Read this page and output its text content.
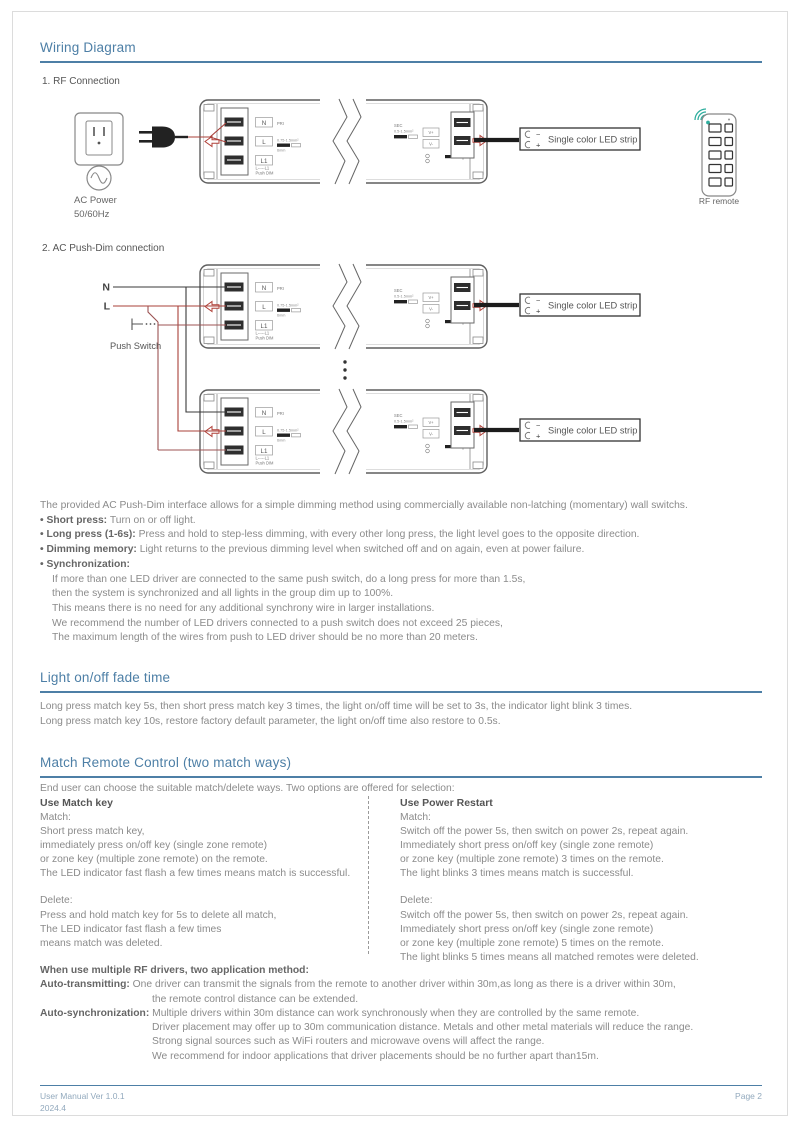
Wiring Diagram
1. RF Connection
2. AC Push-Dim connection
N
L
L1
PRI
0.75-1.5mm²
6mm
L-----L1
Push DIM
SEC
0.5-1.5mm²	V+
V-
N
L
L1
PRI
0.75-1.5mm²
6mm
L-----L1
Push DIM
SEC
0.5-1.5mm²	V+
V-
N
L
L1
PRI
0.75-1.5mm²
6mm
L-----L1
Push DIM
SEC
0.5-1.5mm²	V+
V-
AC Power
50/60Hz
−
+
Single color LED strip
RF remote
N
L
Push Switch
−
+
Single color LED strip
−
+
Single color LED strip
The provided AC Push-Dim interface allows for a simple dimming method using commercially available non-latching (momentary) wall switchs.
• Short press: Turn on or off light.
• Long press (1-6s): Press and hold to step-less dimming, with every other long press, the light level goes to the opposite direction.
• Dimming memory: Light returns to the previous dimming level when switched off and on again, even at power failure.
• Synchronization:
If more than one LED driver are connected to the same push switch, do a long press for more than 1.5s,
then the system is synchronized and all lights in the group dim up to 100%.
This means there is no need for any additional synchrony wire in larger installations.
We recommend the number of LED drivers connected to a push switch does not exceed 25 pieces,
The maximum length of the wires from push to LED driver should be no more than 20 meters.
Light on/off fade time
Long press match key 5s, then short press match key 3 times, the light on/off time will be set to 3s, the indicator light blink 3 times.
Long press match key 10s, restore factory default parameter, the light on/off time also restore to 0.5s.
Match Remote Control (two match ways)
End user can choose the suitable match/delete ways. Two options are offered for selection:
Use Match key
Match:
Short press match key,
immediately press on/off key (single zone remote)
or zone key (multiple zone remote) on the remote.
The LED indicator fast flash a few times means match is successful.
Delete:
Press and hold match key for 5s to delete all match,
The LED indicator fast flash a few times
means match was deleted.
Use Power Restart
Match:
Switch off the power 5s, then switch on power 2s, repeat again.
Immediately short press on/off key (single zone remote)
or zone key (multiple zone remote) 3 times on the remote.
The light blinks 3 times means match is successful.
Delete:
Switch off the power 5s, then switch on power 2s, repeat again.
Immediately short press on/off key (single zone remote)
or zone key (multiple zone remote) 5 times on the remote.
The light blinks 5 times means all matched remotes were deleted.
When use multiple RF drivers, two application method:
Auto-transmitting: One driver can transmit the signals from the remote to another driver within 30m,as long as there is a driver within 30m,
the remote control distance can be extended.
Auto-synchronization: Multiple drivers within 30m distance can work synchronously when they are controlled by the same remote.
Driver placement may offer up to 30m communication distance. Metals and other metal materials will reduce the range.
Strong signal sources such as WiFi routers and microwave ovens will affect the range.
We recommend for indoor applications that driver placements should be no further apart than15m.
User Manual Ver 1.0.1
2024.4
Page 2
